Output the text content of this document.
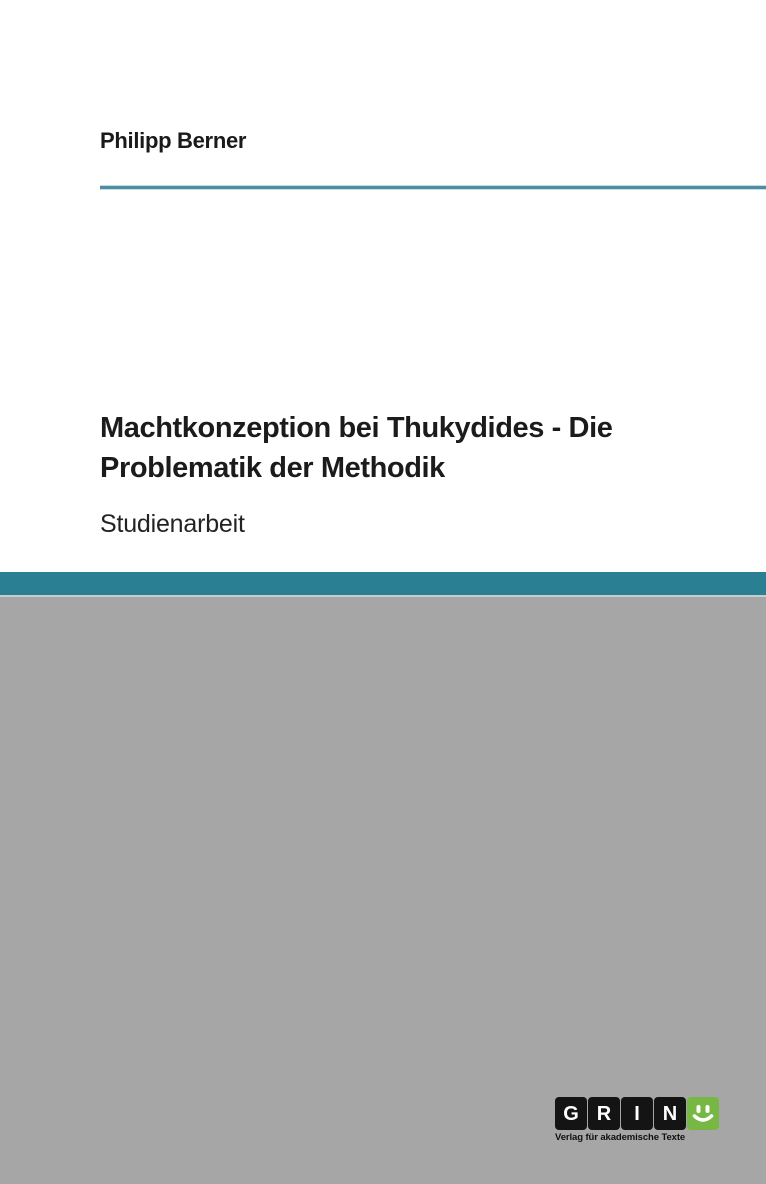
Philipp Berner
Machtkonzeption bei Thukydides - Die
Problematik der Methodik
Studienarbeit
G R	I	N
Verlag für akademische Texte
